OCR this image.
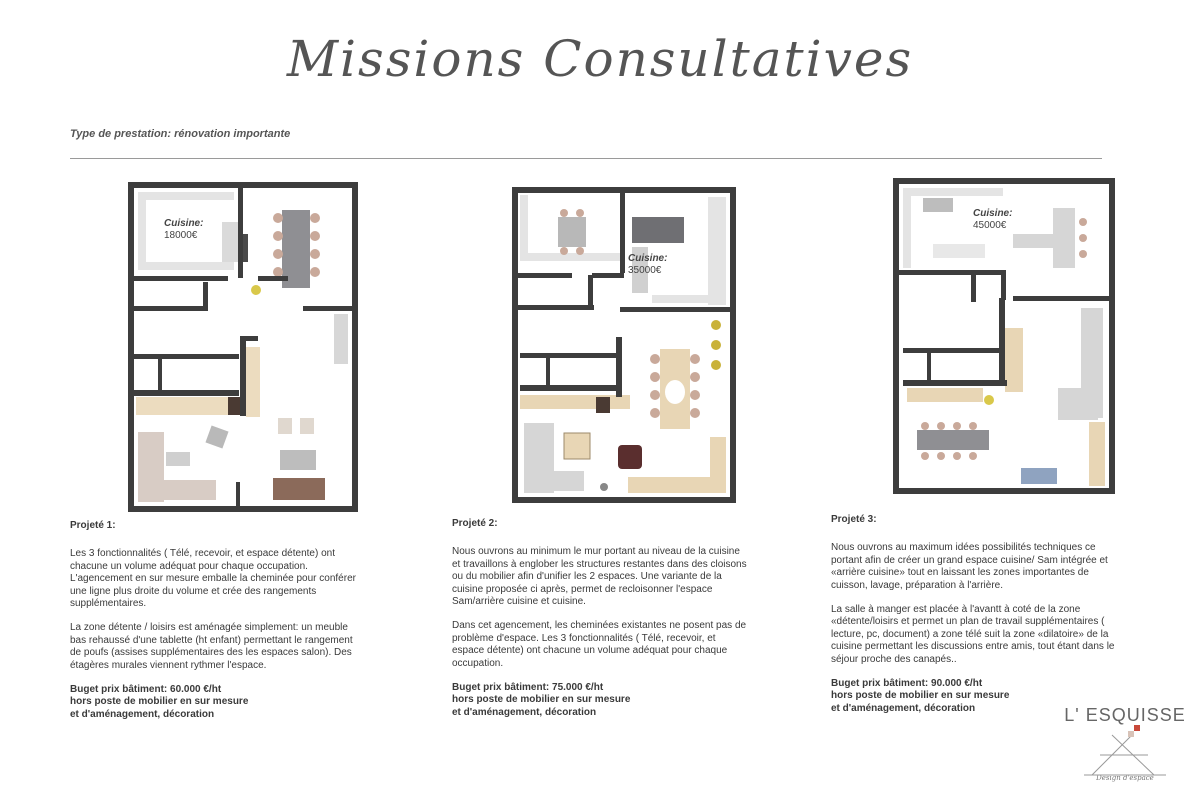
Missions Consultatives
Type de prestation: rénovation importante
Cuisine:
18000€
Cuisine:
35000€
Cuisine:
45000€
Projeté 1:

Les 3 fonctionnalités ( Télé, recevoir, et espace détente) ont chacune un volume adéquat pour chaque occupation. L'agencement en sur mesure emballe la cheminée pour conférer une ligne plus droite du volume et crée des rangements supplémentaires.

La zone détente / loisirs est aménagée simplement: un meuble bas rehaussé d'une tablette (ht enfant) permettant le rangement de poufs (assises supplémentaires des les espaces salon). Des étagères murales viennent rythmer l'espace.

Buget prix bâtiment: 60.000 €/ht
hors poste de mobilier en sur mesure
et d'aménagement, décoration
Projeté 2:

Nous ouvrons au minimum le mur portant au niveau de la cuisine et travaillons à englober les structures restantes dans des cloisons ou du mobilier afin d'unifier les 2 espaces. Une variante de la cuisine proposée ci après, permet de recloisonner l'espace Sam/arrière cuisine et cuisine.

Dans cet agencement, les cheminées existantes ne posent pas de problème d'espace. Les 3 fonctionnalités ( Télé, recevoir, et espace détente) ont chacune un volume adéquat pour chaque occupation.

Buget prix bâtiment: 75.000 €/ht
hors poste de mobilier en sur mesure
et d'aménagement, décoration
Projeté 3:

Nous ouvrons au maximum idées possibilités techniques ce portant afin de créer un grand espace cuisine/ Sam intégrée et «arrière cuisine» tout en laissant les zones importantes de cuisson, lavage, préparation à l'arrière.

La salle à manger est placée à l'avantt à coté de la zone «détente/loisirs et permet un plan de travail supplémentaires ( lecture, pc, document) a zone télé suit la zone «dilatoire» de la cuisine permettant les discussions entre amis, tout étant dans le séjour proche des canapés..

Buget prix bâtiment: 90.000 €/ht
hors poste de mobilier en sur mesure
et d'aménagement, décoration	L' ESQUISSE
Design d'espace
